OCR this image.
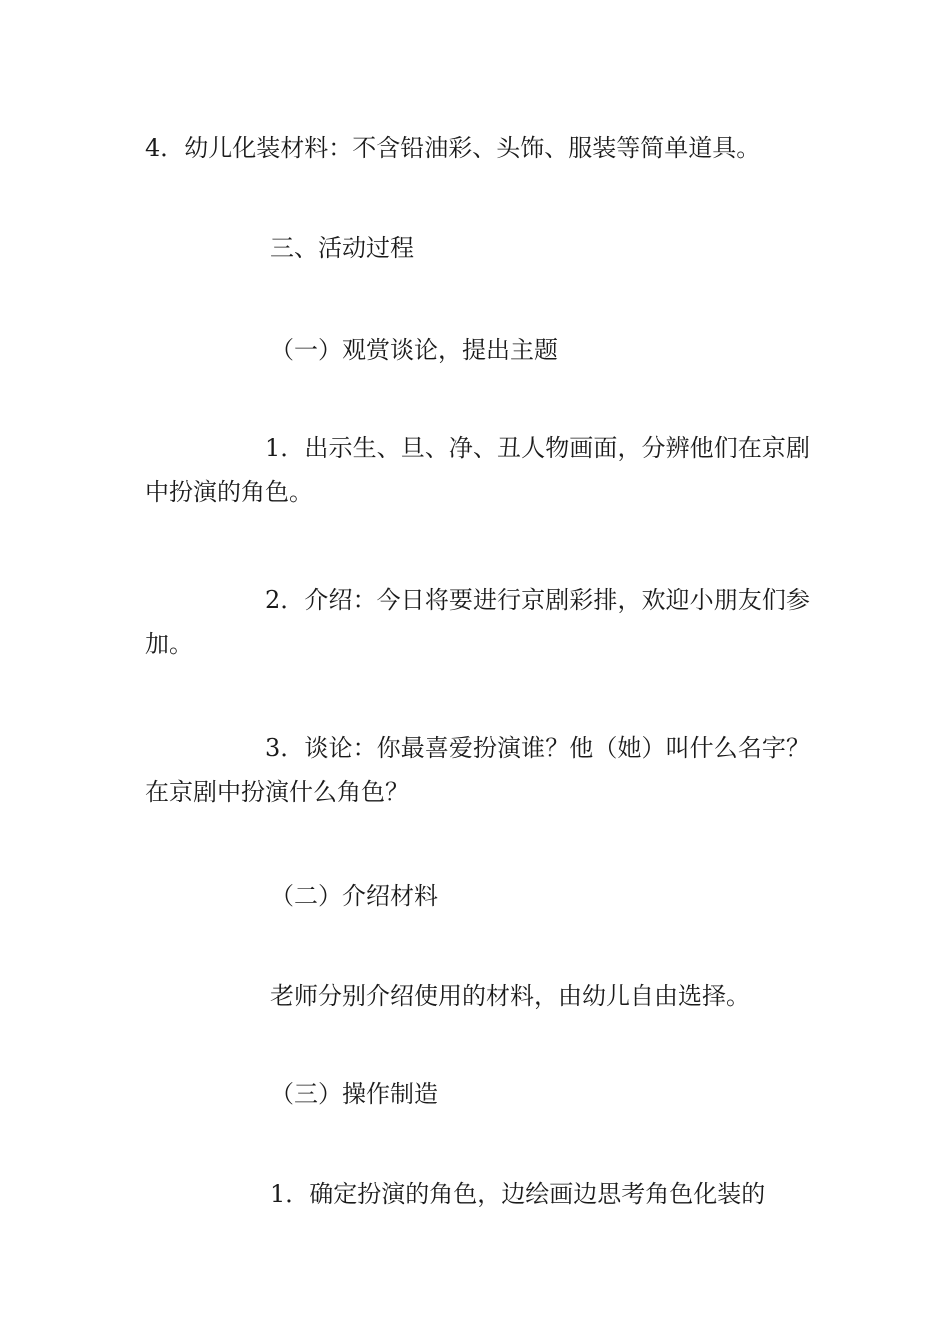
4．幼儿化装材料：不含铅油彩、头饰、服装等简单道具。
三、活动过程
（一）观赏谈论，提出主题
1．出示生、旦、净、丑人物画面，分辨他们在京剧中扮演的角色。
2．介绍：今日将要进行京剧彩排，欢迎小朋友们参加。
3．谈论：你最喜爱扮演谁？他（她）叫什么名字？在京剧中扮演什么角色？
（二）介绍材料
老师分别介绍使用的材料，由幼儿自由选择。
（三）操作制造
1．确定扮演的角色，边绘画边思考角色化装的
